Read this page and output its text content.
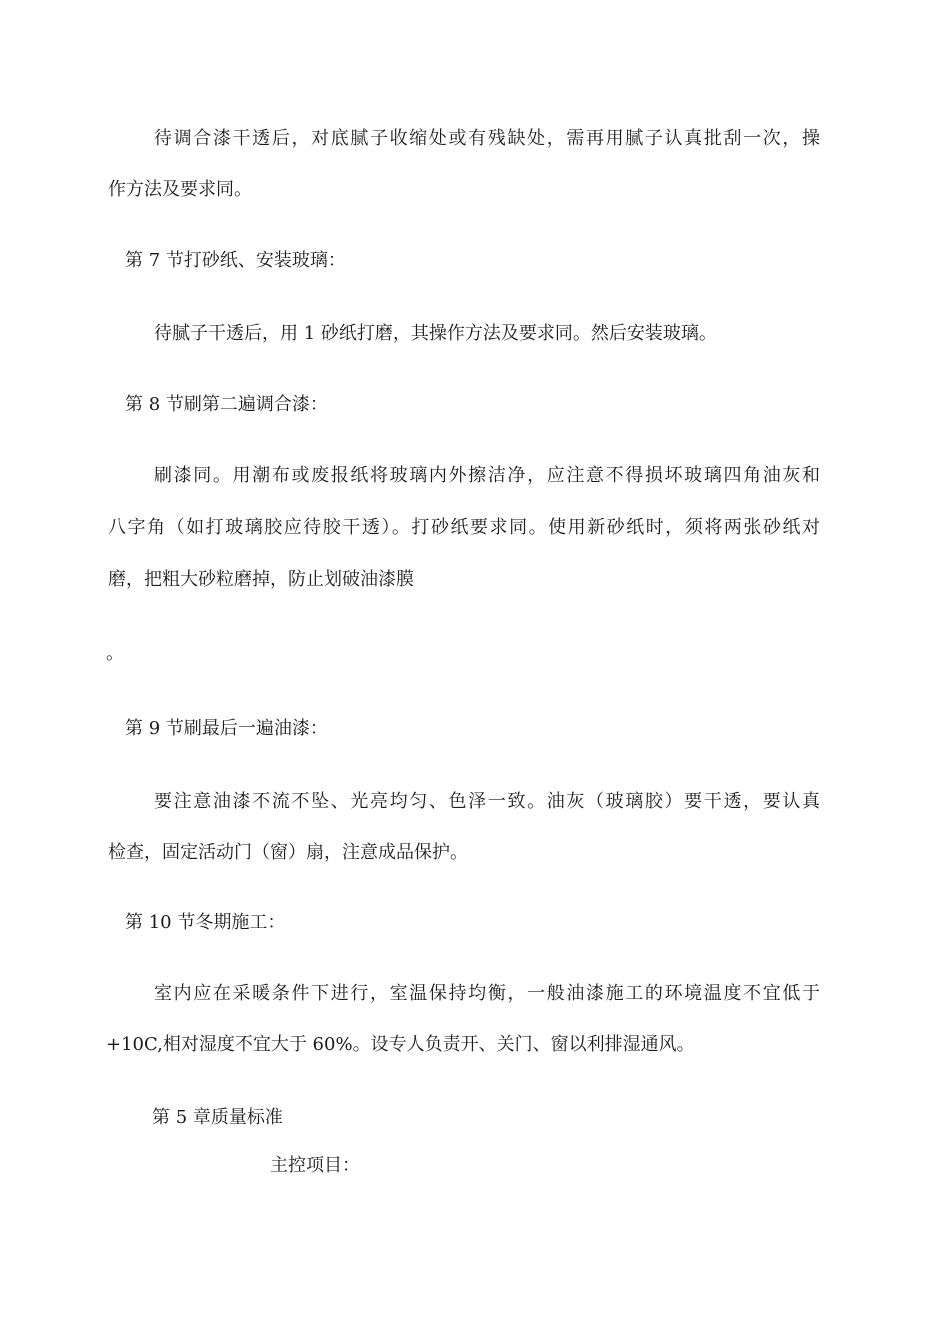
待调合漆干透后，对底腻子收缩处或有残缺处，需再用腻子认真批刮一次，操
作方法及要求同。
第 7 节打砂纸、安装玻璃：
待腻子干透后，用 1 砂纸打磨，其操作方法及要求同。然后安装玻璃。
第 8 节刷第二遍调合漆：
刷漆同。用潮布或废报纸将玻璃内外擦洁净，应注意不得损坏玻璃四角油灰和
八字角（如打玻璃胶应待胶干透）。打砂纸要求同。使用新砂纸时，须将两张砂纸对
磨，把粗大砂粒磨掉，防止划破油漆膜
。
第 9 节刷最后一遍油漆：
要注意油漆不流不坠、光亮均匀、色泽一致。油灰（玻璃胶）要干透，要认真
检查，固定活动门（窗）扇，注意成品保护。
第 10 节冬期施工：
室内应在采暖条件下进行，室温保持均衡，一般油漆施工的环境温度不宜低于
+10C,相对湿度不宜大于 60%。设专人负责开、关门、窗以利排湿通风。
第 5 章质量标准
主控项目：
